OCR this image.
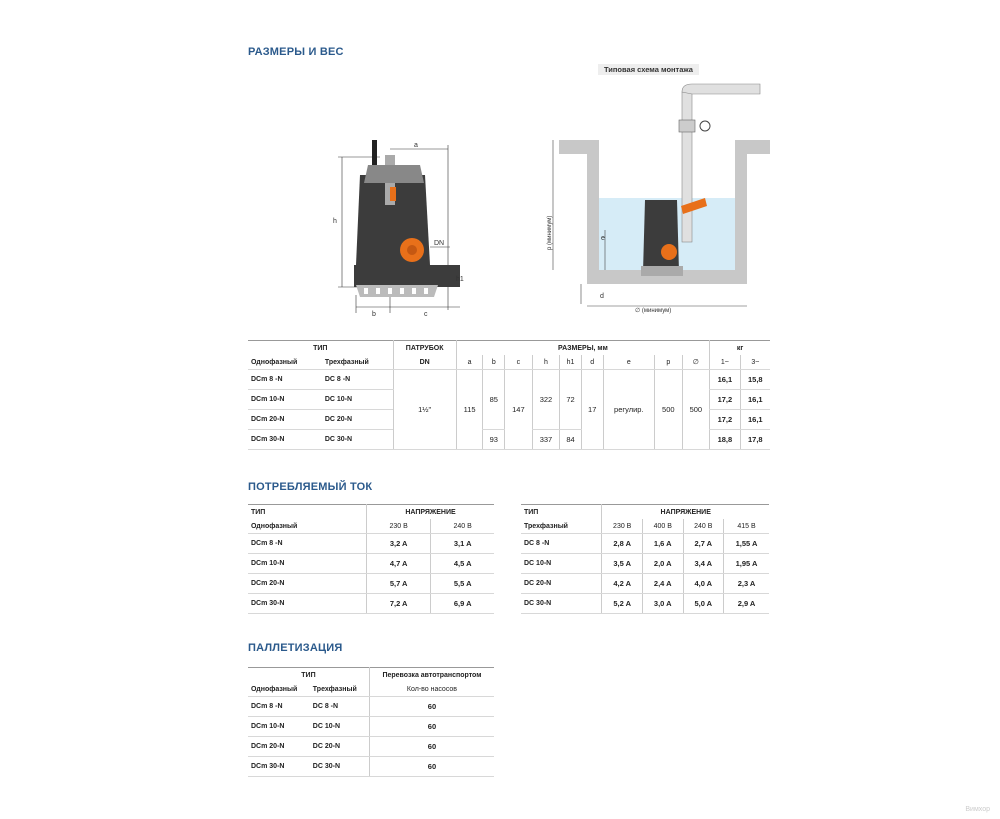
РАЗМЕРЫ И ВЕС
ПОТРЕБЛЯЕМЫЙ ТОК
ПАЛЛЕТИЗАЦИЯ
h
a
DN
h1
b	c
Типовая схема монтажа
p (минимум)	e
d
∅ (минимум)
ТИП		ПАТРУБОК	РАЗМЕРЫ, мм									кг	
Однофазный	Трехфазный	DN	a	b	c	h	h1	d	e	p	∅	1~	3~
DCm 8 -N	DC 8 -N	1½"	115	85	147	322	72	17	регулир.	500	500	16,1	15,8
DCm 10-N	DC 10-N											17,2	16,1
DCm 20-N	DC 20-N											17,2	16,1
DCm 30-N	DC 30-N			93		337	84					18,8	17,8
ТИП	НАПРЯЖЕНИЕ	
Однофазный	230 В	240 В
DCm 8 -N	3,2 A	3,1 A
DCm 10-N	4,7 A	4,5 A
DCm 20-N	5,7 A	5,5 A
DCm 30-N	7,2 A	6,9 A
ТИП	НАПРЯЖЕНИЕ			
Трехфазный	230 В	400 В	240 В	415 В
DC 8 -N	2,8 A	1,6 A	2,7 A	1,55 A
DC 10-N	3,5 A	2,0 A	3,4 A	1,95 A
DC 20-N	4,2 A	2,4 A	4,0 A	2,3 A
DC 30-N	5,2 A	3,0 A	5,0 A	2,9 A
ТИП		Перевозка автотранспортом
Однофазный	Трехфазный	Кол-во насосов
DCm 8 -N	DC 8 -N	60
DCm 10-N	DC 10-N	60
DCm 20-N	DC 20-N	60
DCm 30-N	DC 30-N	60
Вимхор
